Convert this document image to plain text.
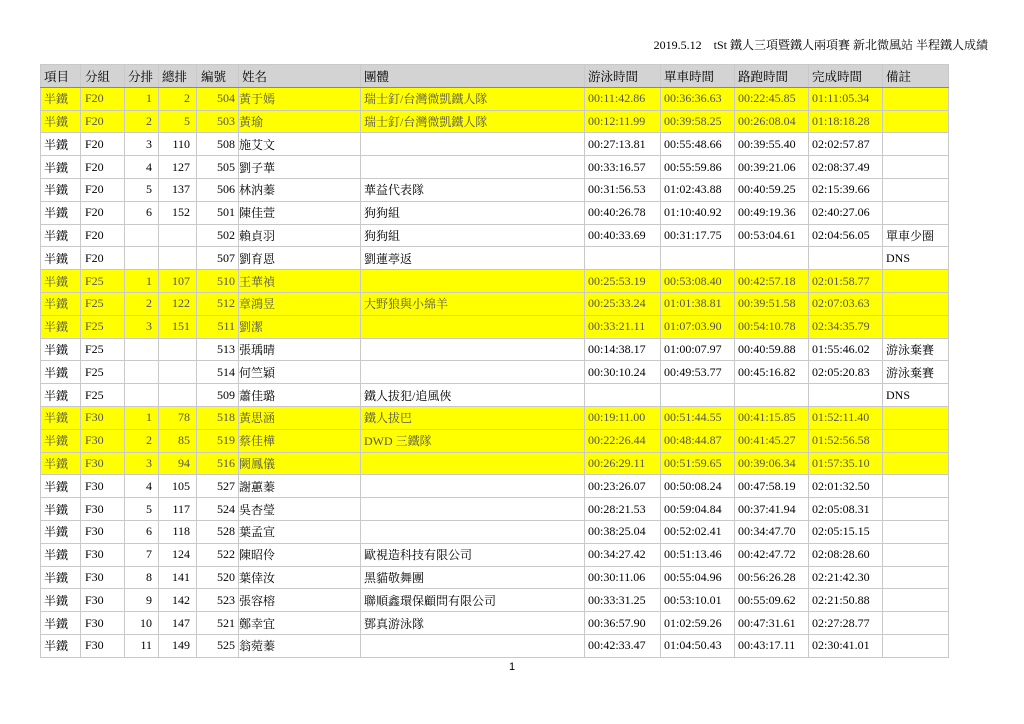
2019.5.12　tSt 鐵人三項暨鐵人兩項賽 新北微風站 半程鐵人成績
項目	分組	分排	總排	編號	姓名	團體	游泳時間	單車時間	路跑時間	完成時間	備註
半鐵	F20	1	2	504	黃于嫣	瑞士釘/台灣微凱鐵人隊	00:11:42.86	00:36:36.63	00:22:45.85	01:11:05.34	
半鐵	F20	2	5	503	黃瑜	瑞士釘/台灣微凱鐵人隊	00:12:11.99	00:39:58.25	00:26:08.04	01:18:18.28	
半鐵	F20	3	110	508	施艾文		00:27:13.81	00:55:48.66	00:39:55.40	02:02:57.87	
半鐵	F20	4	127	505	劉子華		00:33:16.57	00:55:59.86	00:39:21.06	02:08:37.49	
半鐵	F20	5	137	506	林汭蓁	華益代表隊	00:31:56.53	01:02:43.88	00:40:59.25	02:15:39.66	
半鐵	F20	6	152	501	陳佳萱	狗狗組	00:40:26.78	01:10:40.92	00:49:19.36	02:40:27.06	
半鐵	F20			502	賴貞羽	狗狗組	00:40:33.69	00:31:17.75	00:53:04.61	02:04:56.05	單車少圈
半鐵	F20			507	劉育恩	劉蓮葶返					DNS
半鐵	F25	1	107	510	王華禎		00:25:53.19	00:53:08.40	00:42:57.18	02:01:58.77	
半鐵	F25	2	122	512	章鴻昱	大野狼與小綿羊	00:25:33.24	01:01:38.81	00:39:51.58	02:07:03.63	
半鐵	F25	3	151	511	劉潔		00:33:21.11	01:07:03.90	00:54:10.78	02:34:35.79	
半鐵	F25			513	張瑀晴		00:14:38.17	01:00:07.97	00:40:59.88	01:55:46.02	游泳棄賽
半鐵	F25			514	何竺穎		00:30:10.24	00:49:53.77	00:45:16.82	02:05:20.83	游泳棄賽
半鐵	F25			509	蕭佳璐	鐵人拔犯/追風俠					DNS
半鐵	F30	1	78	518	黃思涵	鐵人拔巴	00:19:11.00	00:51:44.55	00:41:15.85	01:52:11.40	
半鐵	F30	2	85	519	蔡佳樺	DWD 三鐵隊	00:22:26.44	00:48:44.87	00:41:45.27	01:52:56.58	
半鐵	F30	3	94	516	闕鳳儀		00:26:29.11	00:51:59.65	00:39:06.34	01:57:35.10	
半鐵	F30	4	105	527	謝蕙蓁		00:23:26.07	00:50:08.24	00:47:58.19	02:01:32.50	
半鐵	F30	5	117	524	吳杏瑩		00:28:21.53	00:59:04.84	00:37:41.94	02:05:08.31	
半鐵	F30	6	118	528	葉孟宣		00:38:25.04	00:52:02.41	00:34:47.70	02:05:15.15	
半鐵	F30	7	124	522	陳昭伶	歐視造科技有限公司	00:34:27.42	00:51:13.46	00:42:47.72	02:08:28.60	
半鐵	F30	8	141	520	葉倖汝	黑貓敬舞團	00:30:11.06	00:55:04.96	00:56:26.28	02:21:42.30	
半鐵	F30	9	142	523	張容榕	聯順鑫環保顧問有限公司	00:33:31.25	00:53:10.01	00:55:09.62	02:21:50.88	
半鐵	F30	10	147	521	鄭幸宜	鄧真游泳隊	00:36:57.90	01:02:59.26	00:47:31.61	02:27:28.77	
半鐵	F30	11	149	525	翁菀蓁		00:42:33.47	01:04:50.43	00:43:17.11	02:30:41.01	
1
